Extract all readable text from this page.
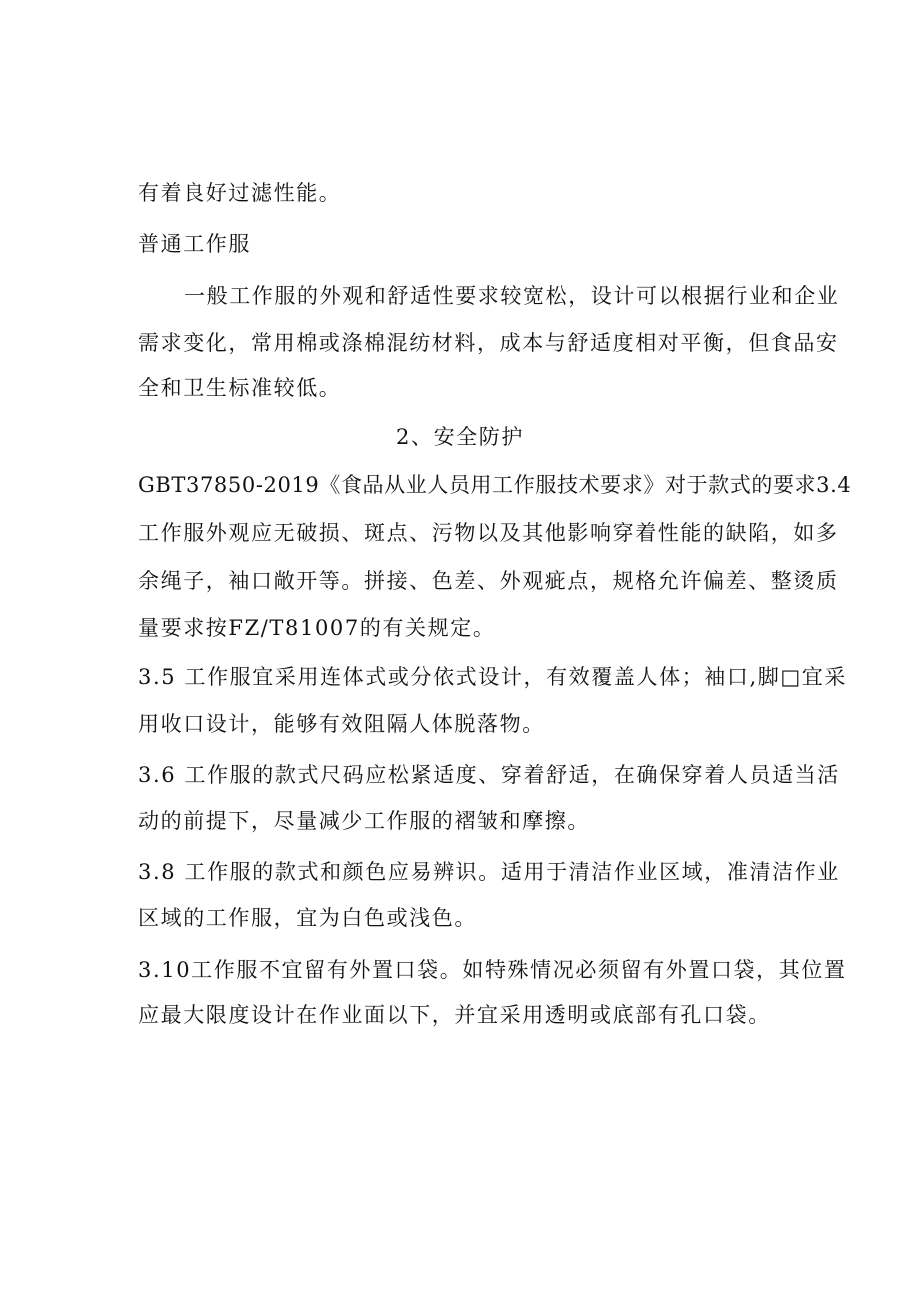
有着良好过滤性能。
普通工作服
一般工作服的外观和舒适性要求较宽松，设计可以根据行业和企业
需求变化，常用棉或涤棉混纺材料，成本与舒适度相对平衡，但食品安
全和卫生标准较低。
2、安全防护
GBT37850-2019《食品从业人员用工作服技术要求》对于款式的要求3.4
工作服外观应无破损、斑点、污物以及其他影响穿着性能的缺陷，如多
余绳子，袖口敞开等。拼接、色差、外观疵点，规格允许偏差、整烫质
量要求按FZ/T81007的有关规定。
3.5 工作服宜采用连体式或分依式设计，有效覆盖人体；袖口,脚□宜采
用收口设计，能够有效阻隔人体脱落物。
3.6 工作服的款式尺码应松紧适度、穿着舒适，在确保穿着人员适当活
动的前提下，尽量减少工作服的褶皱和摩擦。
3.8 工作服的款式和颜色应易辨识。适用于清洁作业区域，准清洁作业
区域的工作服，宜为白色或浅色。
3.10工作服不宜留有外置口袋。如特殊情况必须留有外置口袋，其位置
应最大限度设计在作业面以下，并宜采用透明或底部有孔口袋。
